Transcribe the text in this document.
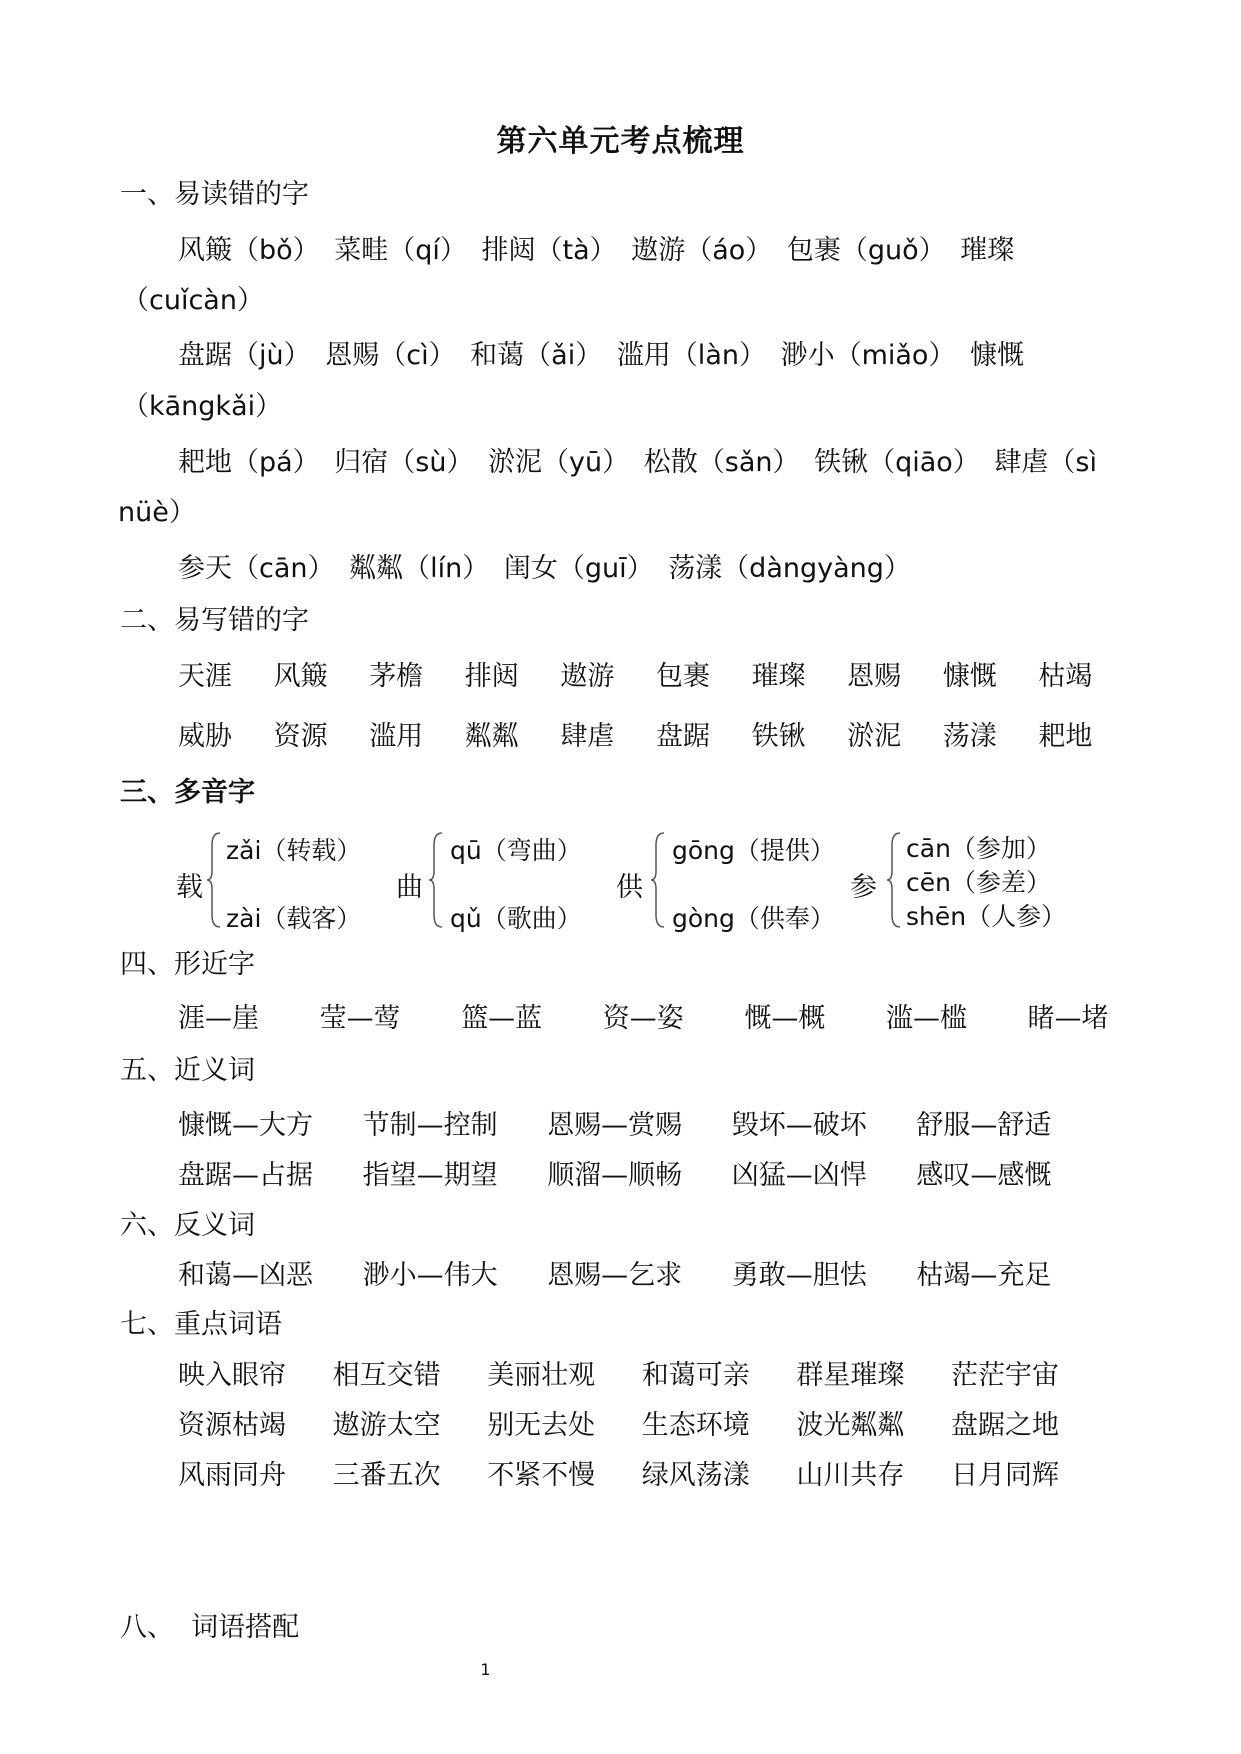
第六单元考点梳理
一、易读错的字
风簸（bǒ） 菜畦（qí） 排闼（tà） 遨游（áo） 包裹（guǒ） 璀璨
（cuǐcàn）
盘踞（jù） 恩赐（cì） 和蔼（ǎi） 滥用（làn） 渺小（miǎo） 慷慨
（kāngkǎi）
耙地（pá） 归宿（sù） 淤泥（yū） 松散（sǎn） 铁锹（qiāo） 肆虐（sì
nüè）
参天（cān） 粼粼（lín） 闺女（guī） 荡漾（dàngyàng）
二、易写错的字
天涯 风簸 茅檐 排闼 遨游 包裹 璀璨 恩赐 慷慨 枯竭
威胁 资源 滥用 粼粼 肆虐 盘踞 铁锹 淤泥 荡漾 耙地
三、多音字
载
zǎi（转载）
zài（载客）
曲
qū（弯曲）
qǔ（歌曲）
供
gōng（提供）
gòng（供奉）
参
cān（参加）
cēn（参差）
shēn（人参）
四、形近字
涯—崖 莹—莺 篮—蓝 资—姿 慨—概 滥—槛 睹—堵
五、近义词
慷慨—大方 节制—控制 恩赐—赏赐 毁坏—破坏 舒服—舒适
盘踞—占据 指望—期望 顺溜—顺畅 凶猛—凶悍 感叹—感慨
六、反义词
和蔼—凶恶 渺小—伟大 恩赐—乞求 勇敢—胆怯 枯竭—充足
七、重点词语
映入眼帘 相互交错 美丽壮观 和蔼可亲 群星璀璨 茫茫宇宙
资源枯竭 遨游太空 别无去处 生态环境 波光粼粼 盘踞之地
风雨同舟 三番五次 不紧不慢 绿风荡漾 山川共存 日月同辉
八、  词语搭配
1
